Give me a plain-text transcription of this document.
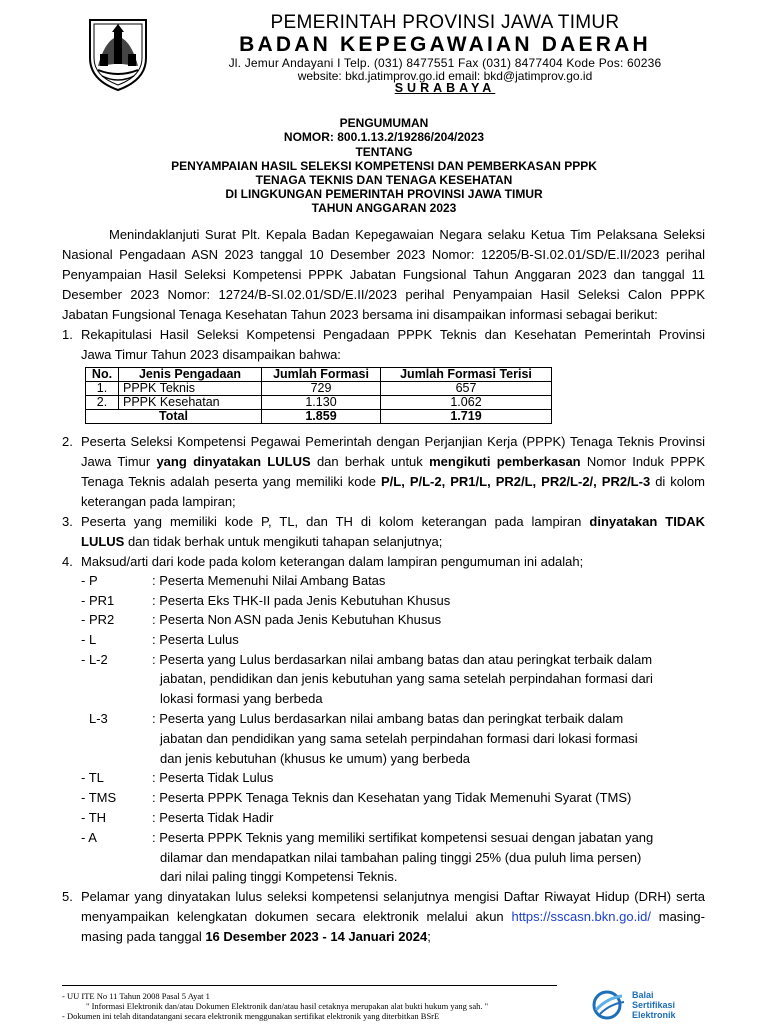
PEMERINTAH PROVINSI JAWA TIMUR
BADAN KEPEGAWAIAN DAERAH
Jl. Jemur Andayani I Telp. (031) 8477551 Fax (031) 8477404 Kode Pos: 60236
website: bkd.jatimprov.go.id email: bkd@jatimprov.go.id
SURABAYA
PENGUMUMAN
NOMOR: 800.1.13.2/19286/204/2023
TENTANG
PENYAMPAIAN HASIL SELEKSI KOMPETENSI DAN PEMBERKASAN PPPK
TENAGA TEKNIS DAN TENAGA KESEHATAN
DI LINGKUNGAN PEMERINTAH PROVINSI JAWA TIMUR
TAHUN ANGGARAN 2023
Menindaklanjuti Surat Plt. Kepala Badan Kepegawaian Negara selaku Ketua Tim Pelaksana Seleksi
Nasional Pengadaan ASN 2023 tanggal 10 Desember 2023 Nomor: 12205/B-SI.02.01/SD/E.II/2023 perihal
Penyampaian Hasil Seleksi Kompetensi PPPK Jabatan Fungsional Tahun Anggaran 2023 dan tanggal 11
Desember 2023 Nomor: 12724/B-SI.02.01/SD/E.II/2023 perihal Penyampaian Hasil Seleksi Calon PPPK
Jabatan Fungsional Tenaga Kesehatan Tahun 2023 bersama ini disampaikan informasi sebagai berikut:
1. Rekapitulasi Hasil Seleksi Kompetensi Pengadaan PPPK Teknis dan Kesehatan Pemerintah Provinsi
Jawa Timur Tahun 2023 disampaikan bahwa:
No.	Jenis Pengadaan	Jumlah Formasi	Jumlah Formasi Terisi
1.	PPPK Teknis	729	657
2.	PPPK Kesehatan	1.130	1.062
Total		1.859	1.719
2. Peserta Seleksi Kompetensi Pegawai Pemerintah dengan Perjanjian Kerja (PPPK) Tenaga Teknis Provinsi
Jawa Timur yang dinyatakan LULUS dan berhak untuk mengikuti pemberkasan Nomor Induk PPPK
Tenaga Teknis adalah peserta yang memiliki kode P/L, P/L-2, PR1/L, PR2/L, PR2/L-2/, PR2/L-3 di kolom
keterangan pada lampiran;
3. Peserta yang memiliki kode P, TL, dan TH di kolom keterangan pada lampiran dinyatakan TIDAK
LULUS dan tidak berhak untuk mengikuti tahapan selanjutnya;
4. Maksud/arti dari kode pada kolom keterangan dalam lampiran pengumuman ini adalah;
- P	: Peserta Memenuhi Nilai Ambang Batas
- PR1	: Peserta Eks THK-II pada Jenis Kebutuhan Khusus
- PR2	: Peserta Non ASN pada Jenis Kebutuhan Khusus
- L	: Peserta Lulus
- L-2	: Peserta yang Lulus berdasarkan nilai ambang batas dan atau peringkat terbaik dalam
jabatan, pendidikan dan jenis kebutuhan yang sama setelah perpindahan formasi dari
lokasi formasi yang berbeda
L-3	: Peserta yang Lulus berdasarkan nilai ambang batas dan peringkat terbaik dalam
jabatan dan pendidikan yang sama setelah perpindahan formasi dari lokasi formasi
dan jenis kebutuhan (khusus ke umum) yang berbeda
- TL	: Peserta Tidak Lulus
- TMS	: Peserta PPPK Tenaga Teknis dan Kesehatan yang Tidak Memenuhi Syarat (TMS)
- TH	: Peserta Tidak Hadir
- A	: Peserta PPPK Teknis yang memiliki sertifikat kompetensi sesuai dengan jabatan yang
dilamar dan mendapatkan nilai tambahan paling tinggi 25% (dua puluh lima persen)
dari nilai paling tinggi Kompetensi Teknis.
5. Pelamar yang dinyatakan lulus seleksi kompetensi selanjutnya mengisi Daftar Riwayat Hidup (DRH) serta
menyampaikan kelengkatan dokumen secara elektronik melalui akun https://sscasn.bkn.go.id/ masing-
masing pada tanggal 16 Desember 2023 - 14 Januari 2024;
- UU ITE No 11 Tahun 2008 Pasal 5 Ayat 1
" Informasi Elektronik dan/atau Dokumen Elektronik dan/atau hasil cetaknya merupakan alat bukti hukum yang sah. "
- Dokumen ini telah ditandatangani secara elektronik menggunakan sertifikat elektronik yang diterbitkan BSrE
Balai
Sertifikasi
Elektronik
